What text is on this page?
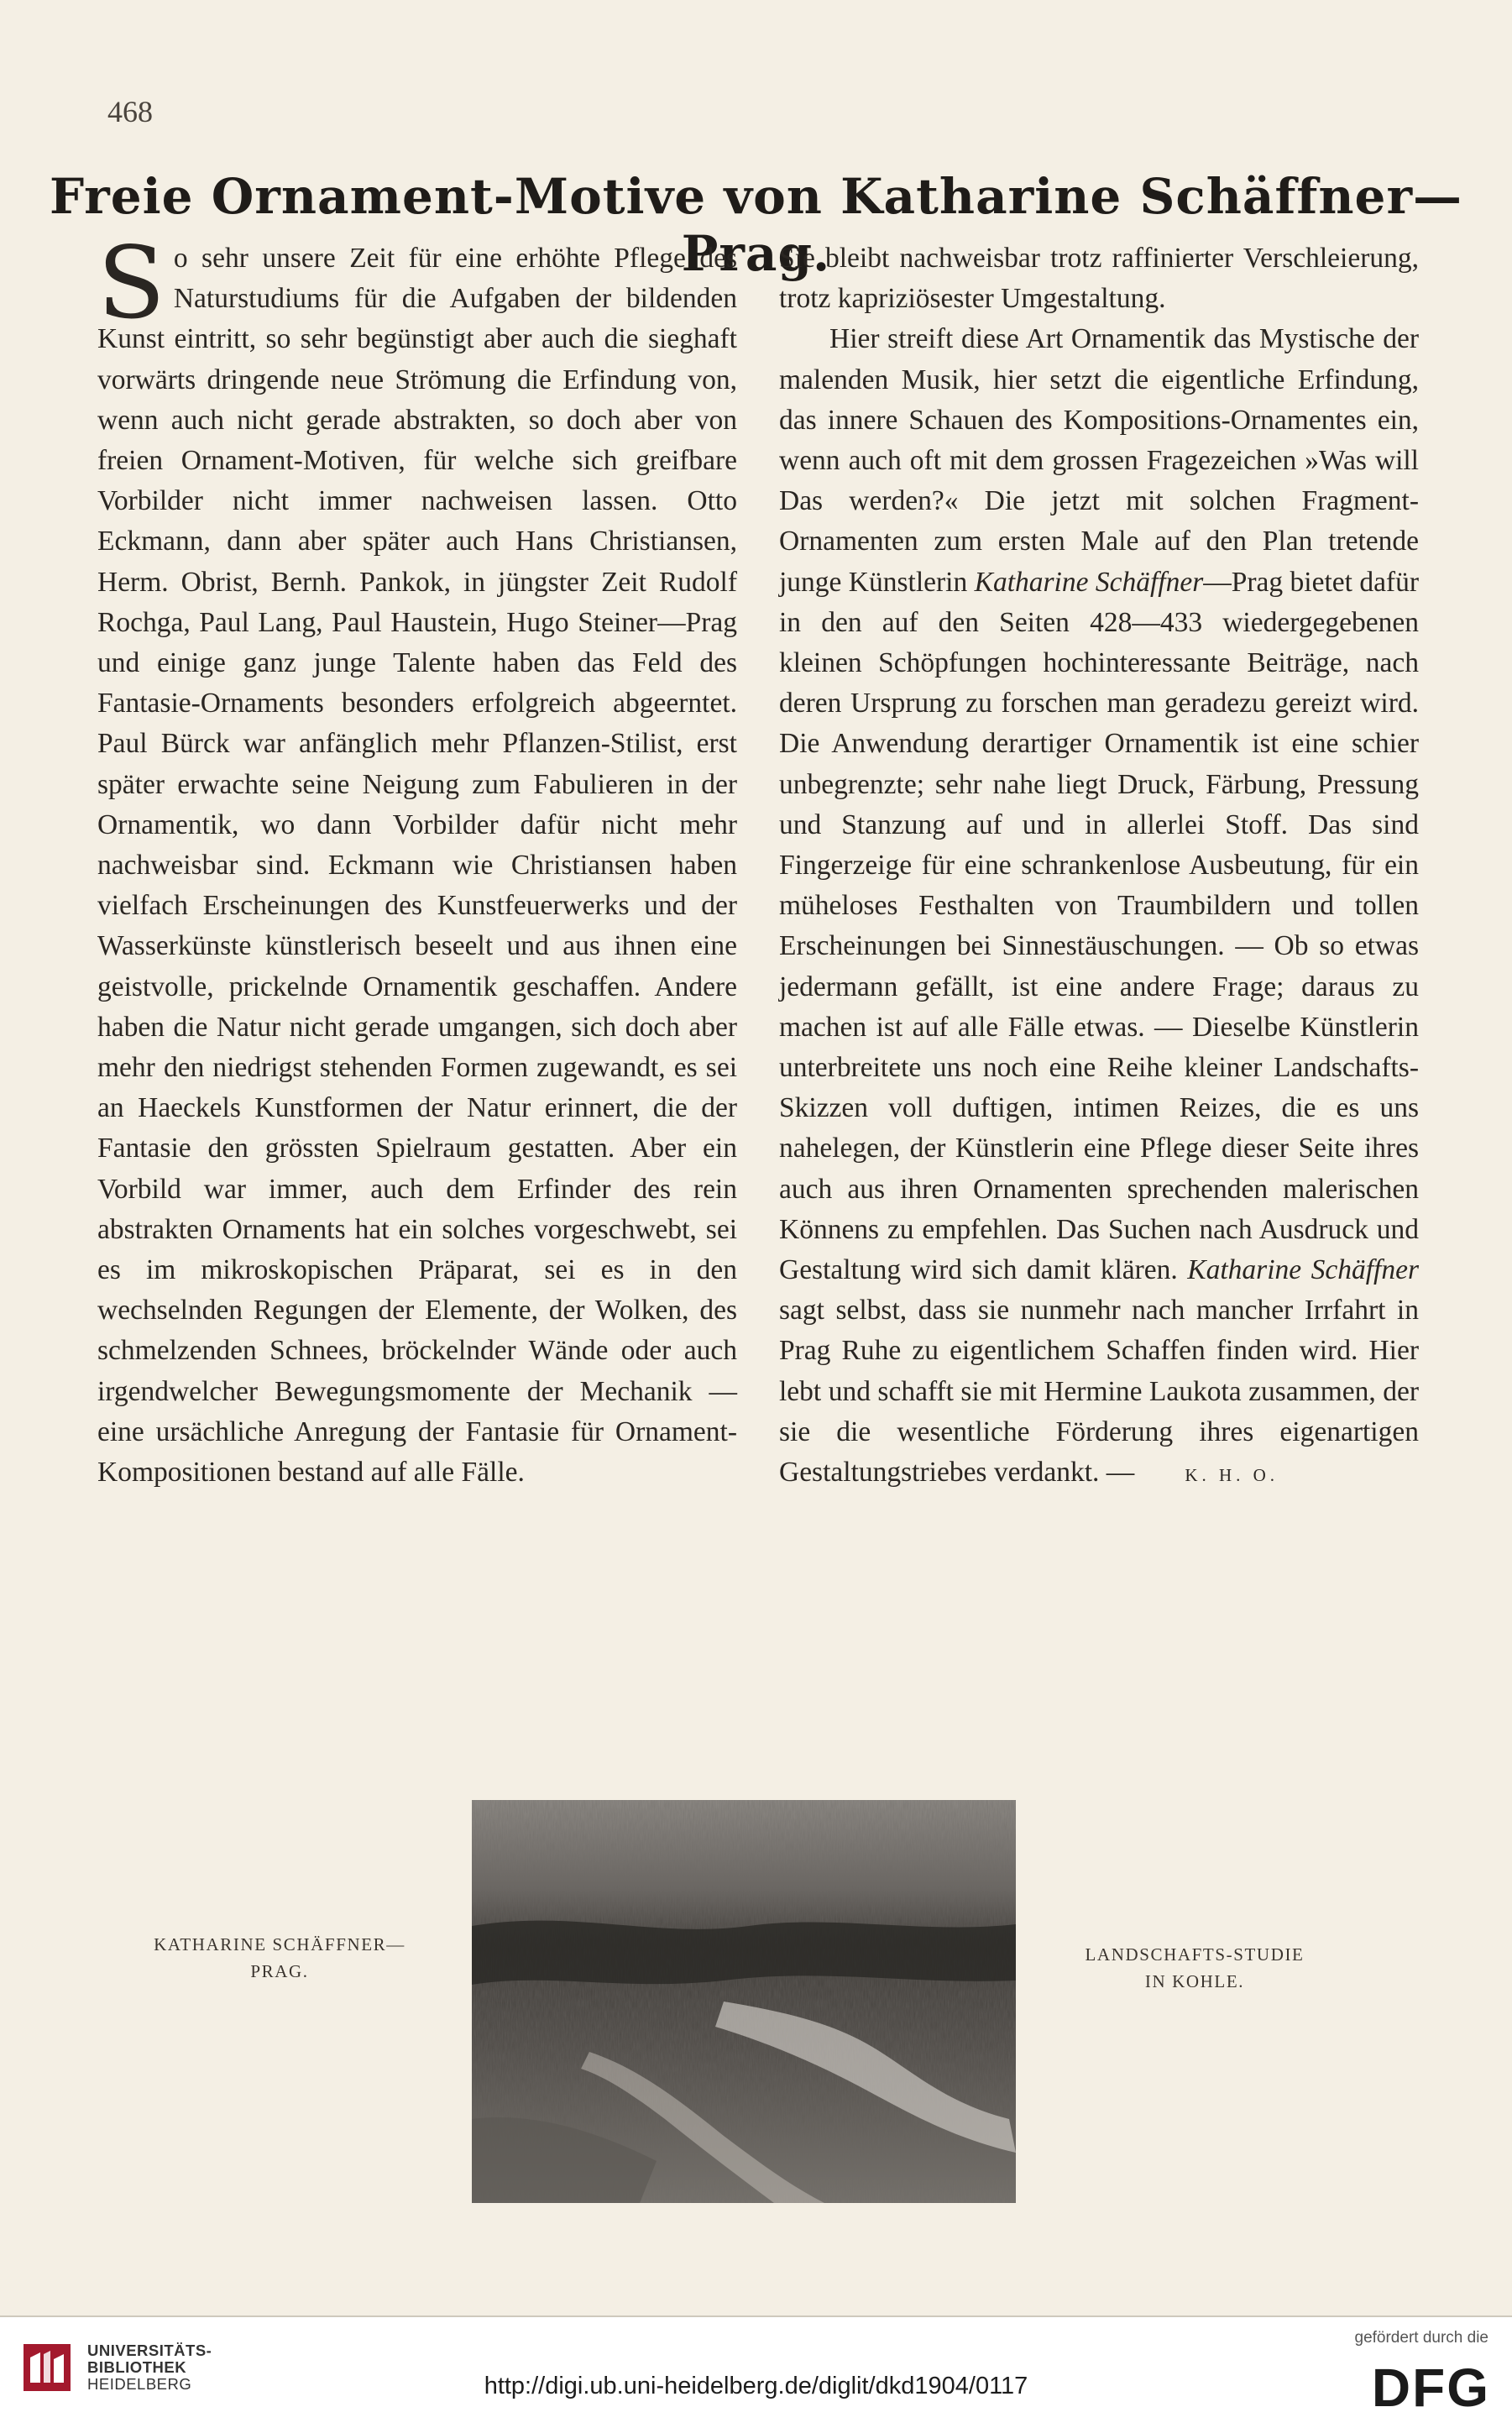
468
Freie Ornament-Motive von Katharine Schäffner—Prag.

So sehr unsere Zeit für eine erhöhte Pflege des Naturstudiums für die Aufgaben der bildenden Kunst eintritt, so sehr begünstigt aber auch die sieghaft vorwärts dringende neue Strömung die Erfindung von, wenn auch nicht gerade abstrakten, so doch aber von freien Ornament-Motiven, für welche sich greifbare Vorbilder nicht immer nachweisen lassen. Otto Eckmann, dann aber später auch Hans Christiansen, Herm. Obrist, Bernh. Pankok, in jüngster Zeit Rudolf Rochga, Paul Lang, Paul Haustein, Hugo Steiner—Prag und einige ganz junge Talente haben das Feld des Fantasie-Ornaments besonders erfolgreich abgeerntet. Paul Bürck war anfänglich mehr Pflanzen-Stilist, erst später erwachte seine Neigung zum Fabulieren in der Ornamentik, wo dann Vorbilder dafür nicht mehr nachweisbar sind. Eckmann wie Christiansen haben vielfach Erscheinungen des Kunstfeuerwerks und der Wasserkünste künstlerisch beseelt und aus ihnen eine geistvolle, prickelnde Ornamentik geschaffen. Andere haben die Natur nicht gerade umgangen, sich doch aber mehr den niedrigst stehenden Formen zugewandt, es sei an Haeckels Kunstformen der Natur erinnert, die der Fantasie den grössten Spielraum gestatten. Aber ein Vorbild war immer, auch dem Erfinder des rein abstrakten Ornaments hat ein solches vorgeschwebt, sei es im mikroskopischen Präparat, sei es in den wechselnden Regungen der Elemente, der Wolken, des schmelzenden Schnees, bröckelnder Wände oder auch irgendwelcher Bewegungsmomente der Mechanik — eine ursächliche Anregung der Fantasie für Ornament-Kompositionen bestand auf alle Fälle.

Sie bleibt nachweisbar trotz raffinierter Verschleierung, trotz kapriziösester Umgestaltung.

Hier streift diese Art Ornamentik das Mystische der malenden Musik, hier setzt die eigentliche Erfindung, das innere Schauen des Kompositions-Ornamentes ein, wenn auch oft mit dem grossen Fragezeichen »Was will Das werden?« Die jetzt mit solchen Fragment-Ornamenten zum ersten Male auf den Plan tretende junge Künstlerin Katharine Schäffner—Prag bietet dafür in den auf den Seiten 428—433 wiedergegebenen kleinen Schöpfungen hochinteressante Beiträge, nach deren Ursprung zu forschen man geradezu gereizt wird. Die Anwendung derartiger Ornamentik ist eine schier unbegrenzte; sehr nahe liegt Druck, Färbung, Pressung und Stanzung auf und in allerlei Stoff. Das sind Fingerzeige für eine schrankenlose Ausbeutung, für ein müheloses Festhalten von Traumbildern und tollen Erscheinungen bei Sinnestäuschungen. — Ob so etwas jedermann gefällt, ist eine andere Frage; daraus zu machen ist auf alle Fälle etwas. — Dieselbe Künstlerin unterbreitete uns noch eine Reihe kleiner Landschafts-Skizzen voll duftigen, intimen Reizes, die es uns nahelegen, der Künstlerin eine Pflege dieser Seite ihres auch aus ihren Ornamenten sprechenden malerischen Könnens zu empfehlen. Das Suchen nach Ausdruck und Gestaltung wird sich damit klären. Katharine Schäffner sagt selbst, dass sie nunmehr nach mancher Irrfahrt in Prag Ruhe zu eigentlichem Schaffen finden wird. Hier lebt und schafft sie mit Hermine Laukota zusammen, der sie die wesentliche Förderung ihres eigenartigen Gestaltungstriebes verdankt. —	K. H. O.

KATHARINE SCHÄFFNER—
PRAG.
LANDSCHAFTS-STUDIE
IN KOHLE.
UNIVERSITÄTS-
BIBLIOTHEK
HEIDELBERG	http://digi.ub.uni-heidelberg.de/diglit/dkd1904/0117
gefördert durch die
DFG
